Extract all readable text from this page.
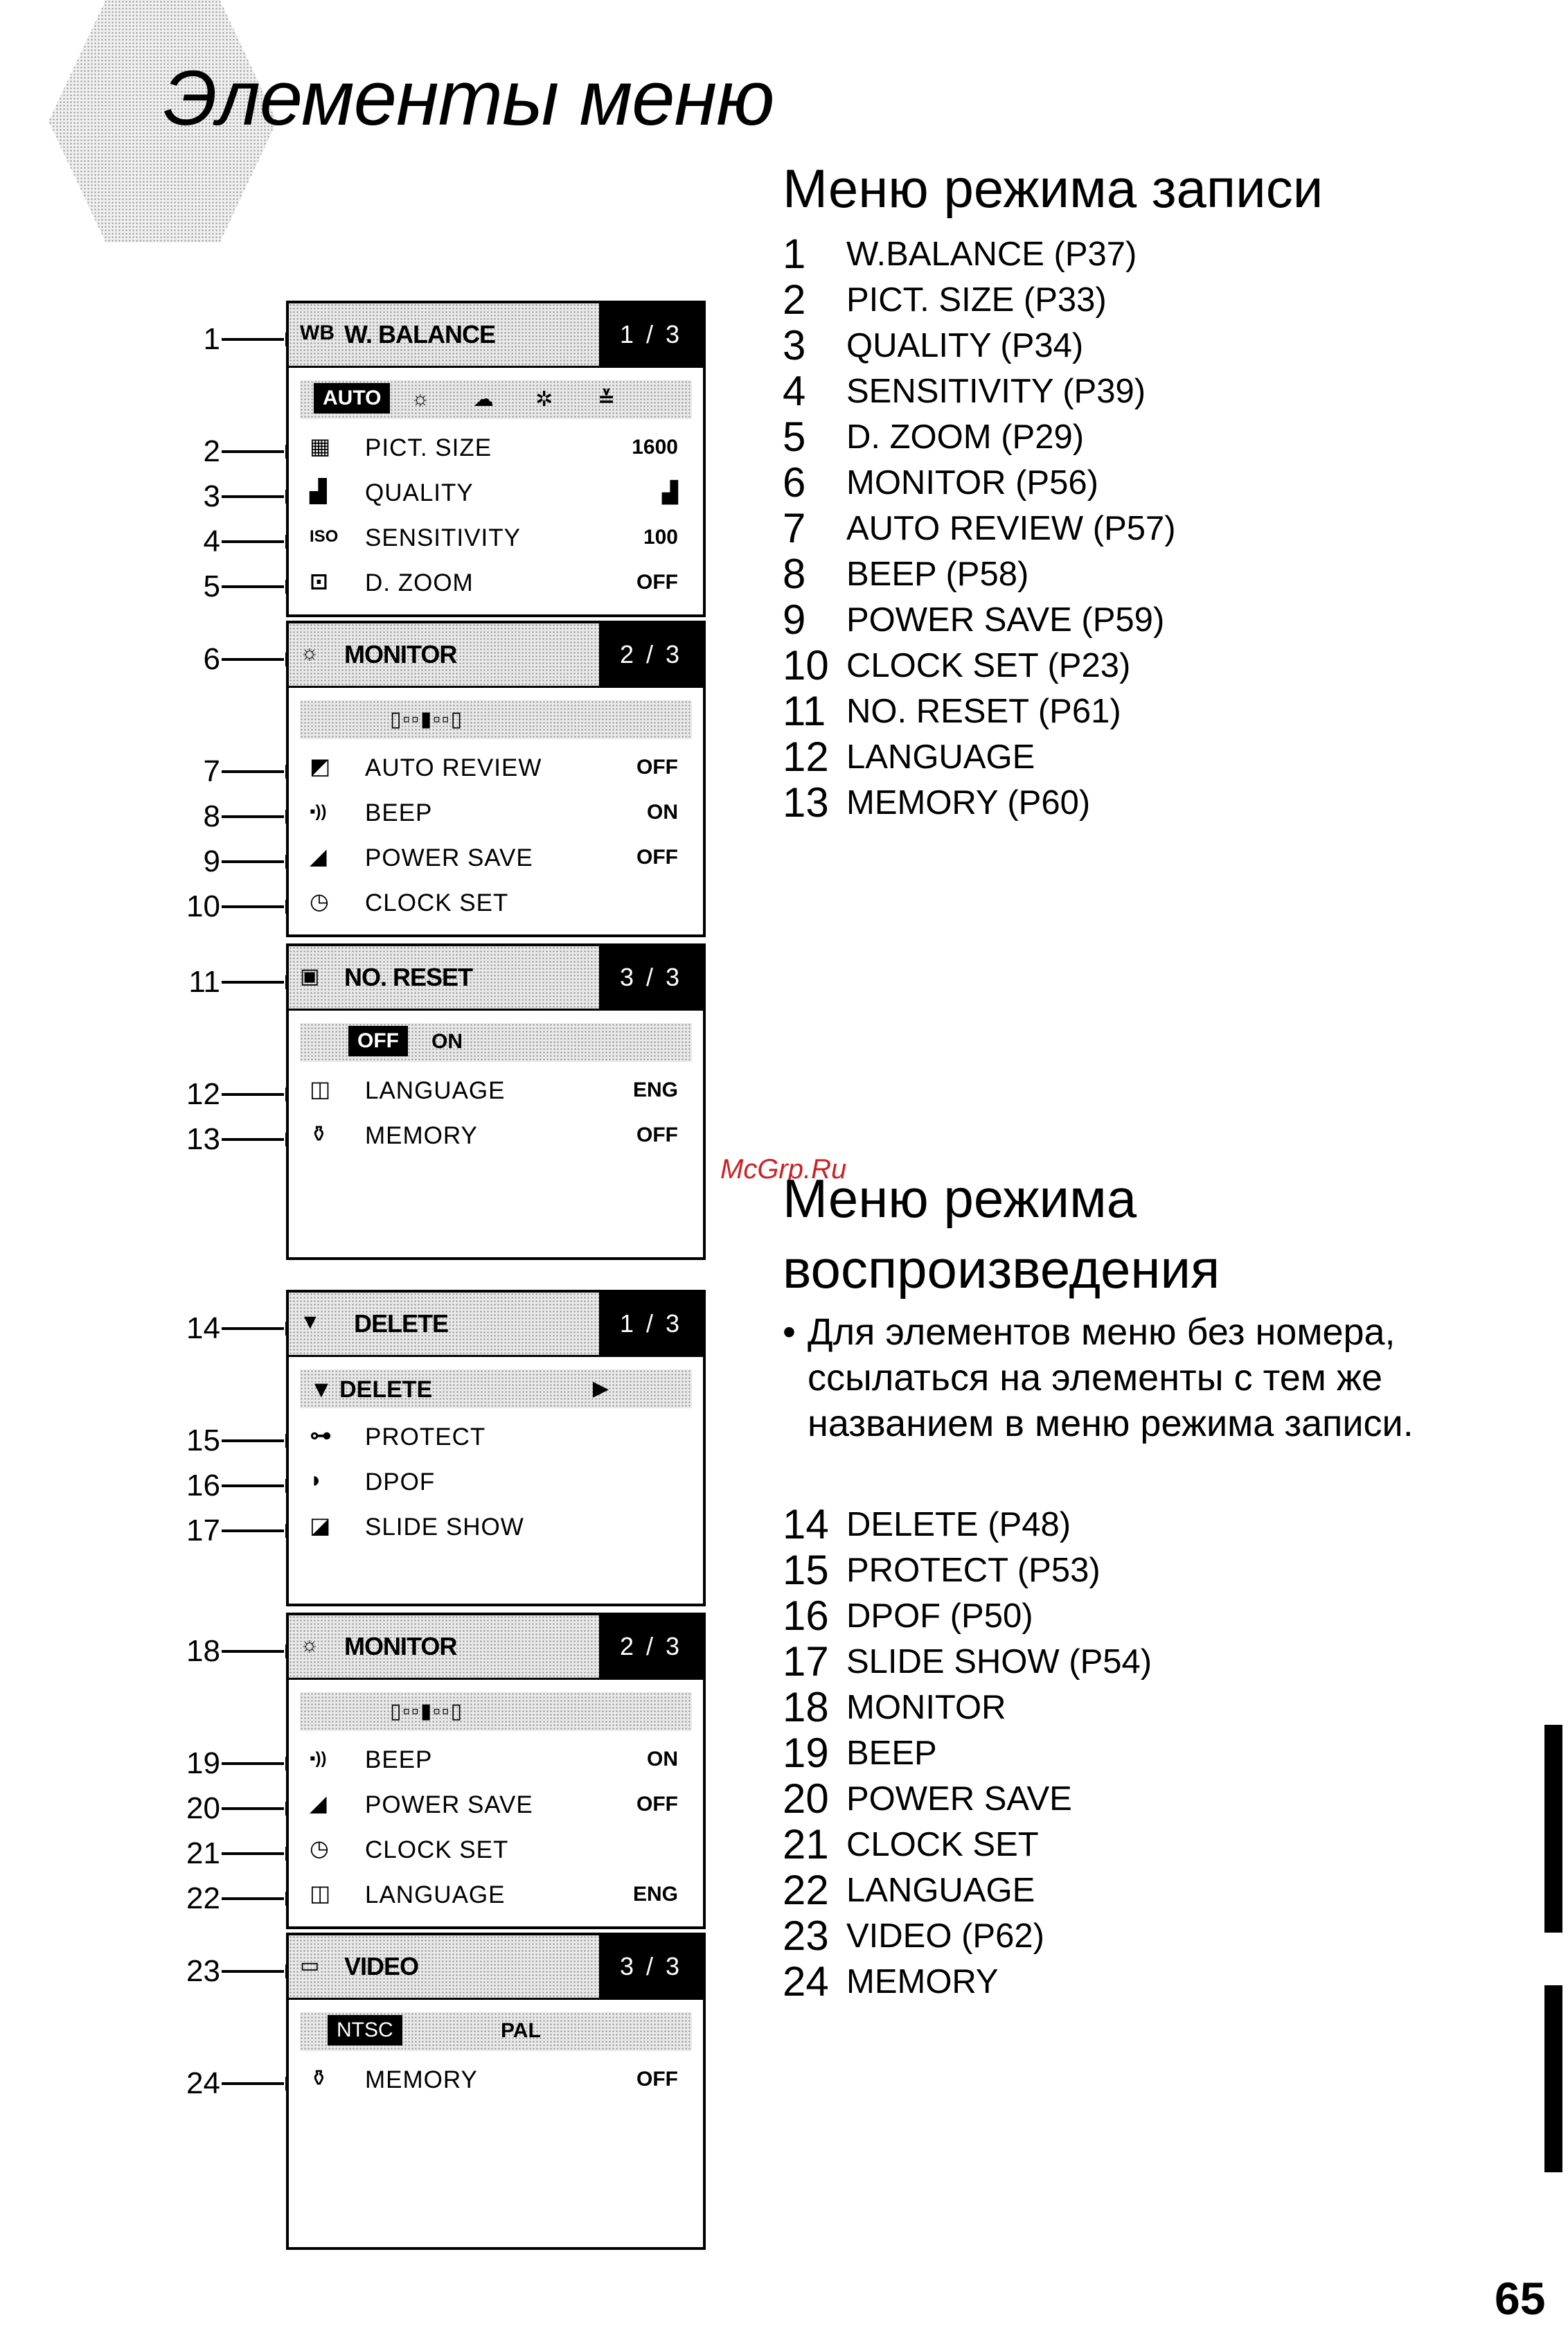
Элементы меню
Меню режима записи
1 W.BALANCE (P37)
2 PICT. SIZE (P33)
3 QUALITY (P34)
4 SENSITIVITY (P39)
5 D. ZOOM (P29)
6 MONITOR (P56)
7 AUTO REVIEW (P57)
8 BEEP (P58)
9 POWER SAVE (P59)
10 CLOCK SET (P23)
11 NO. RESET (P61)
12 LANGUAGE
13 MEMORY (P60)
McGrp.Ru
Меню режима
воспроизведения
• Для элементов меню без номера, ссылаться на элементы с тем же названием в меню режима записи.
14 DELETE (P48)
15 PROTECT (P53)
16 DPOF (P50)
17 SLIDE SHOW (P54)
18 MONITOR
19 BEEP
20 POWER SAVE
21 CLOCK SET
22 LANGUAGE
23 VIDEO (P62)
24 MEMORY
WB W. BALANCE	1 / 3
AUTO	☼ ☁ ✲ ≚
▦ PICT. SIZE	1600
▟ QUALITY	▟
ISO SENSITIVITY	100
⊡ D. ZOOM	OFF
☼ MONITOR	2 / 3
▯▫▫▮▫▫▯
◩ AUTO REVIEW	OFF
▪)) BEEP	ON
◢ POWER SAVE	OFF
◷ CLOCK SET
▣ NO. RESET	3 / 3
OFF	ON
◫ LANGUAGE	ENG
⚱ MEMORY	OFF
▼ DELETE	1 / 3
▼ DELETE	▶
⊶ PROTECT
◗ DPOF
◪ SLIDE SHOW
☼ MONITOR	2 / 3
▯▫▫▮▫▫▯
▪)) BEEP	ON
◢ POWER SAVE	OFF
◷ CLOCK SET
◫ LANGUAGE	ENG
▭ VIDEO	3 / 3
NTSC	PAL
⚱ MEMORY	OFF
1
2
3
4
5
6
7
8
9
10
11
12
13
14
15
16
17
18
19
20
21
22
23
24
65
